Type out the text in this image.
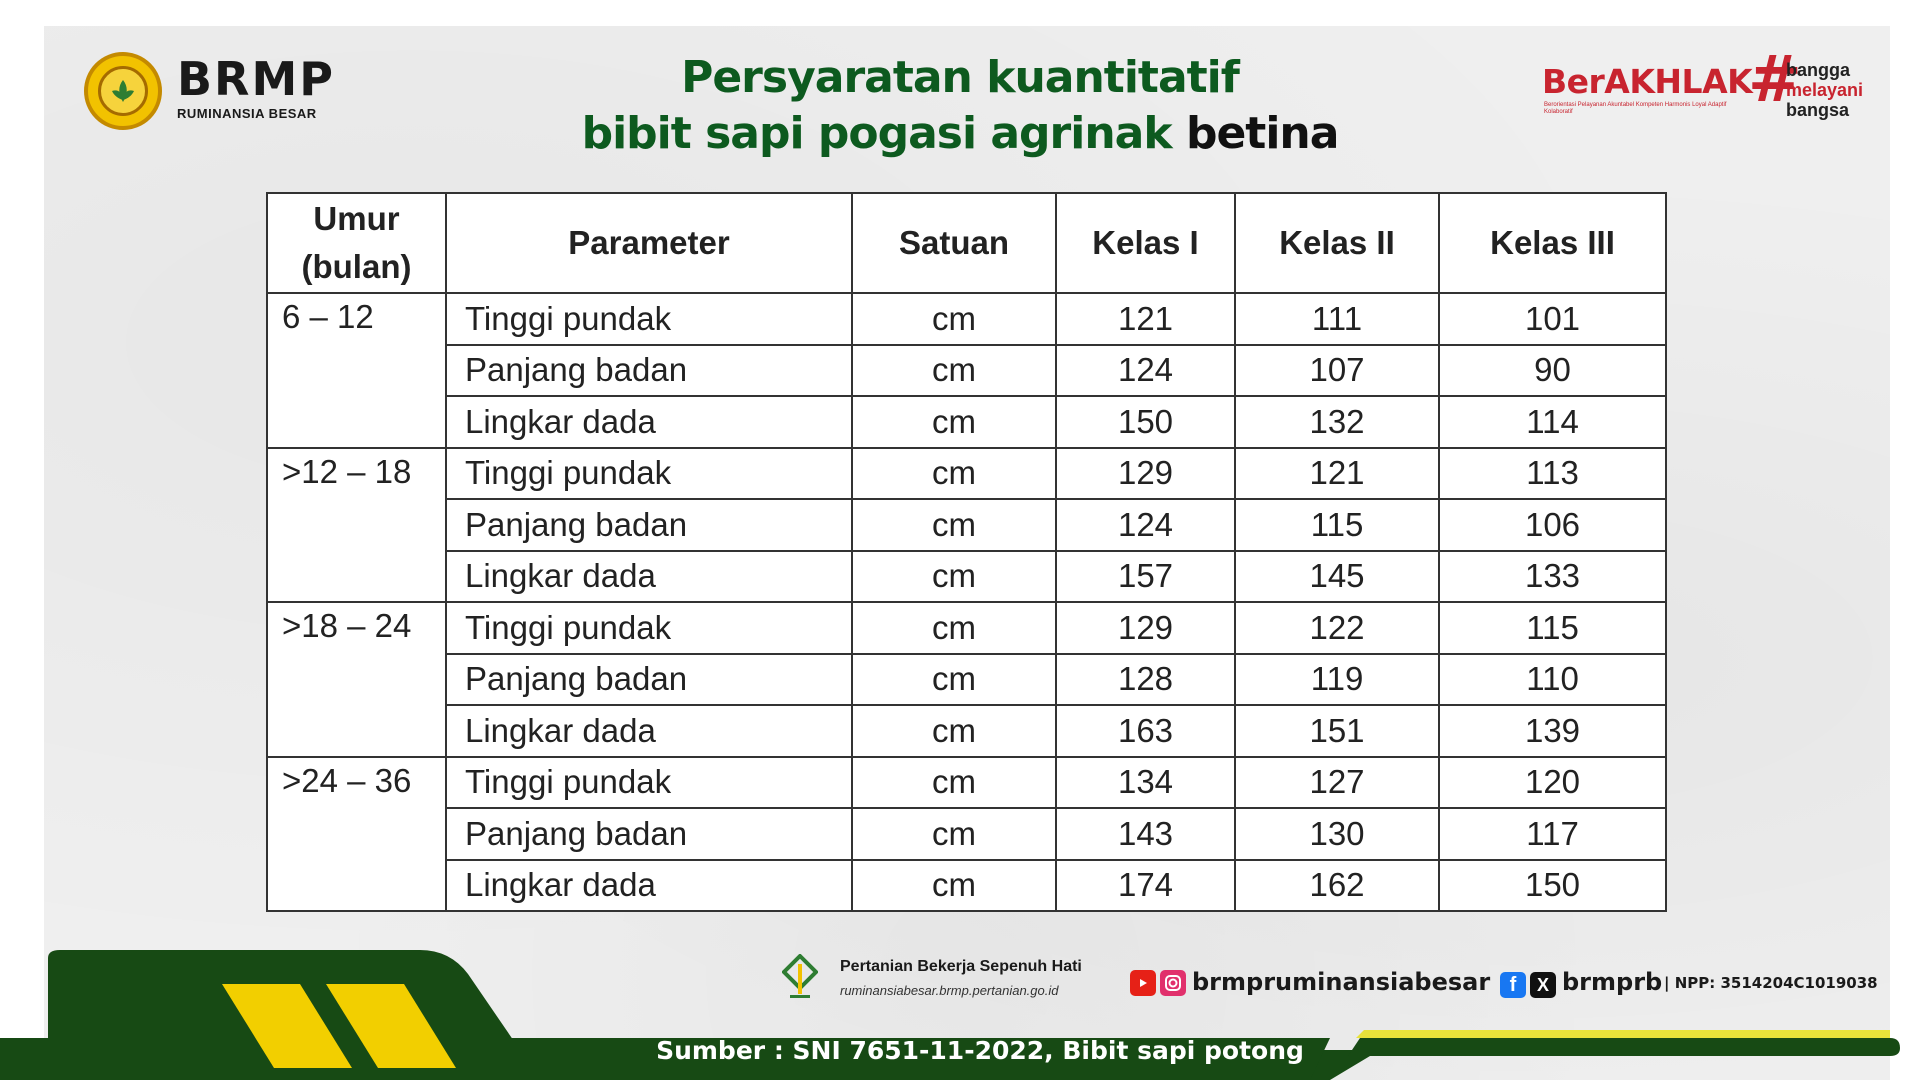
BRMP
RUMINANSIA BESAR
Persyaratan kuantitatif
bibit sapi pogasi agrinak betina
BerAKHLAK
Berorientasi Pelayanan Akuntabel Kompeten Harmonis Loyal Adaptif Kolaboratif	#
bangga
melayani
bangsa
Umur
(bulan)	Parameter	Satuan	Kelas I	Kelas II	Kelas III
6 – 12	Tinggi pundak	cm	121	111	101
	Panjang badan	cm	124	107	90
	Lingkar dada	cm	150	132	114
>12 – 18	Tinggi pundak	cm	129	121	113
	Panjang badan	cm	124	115	106
	Lingkar dada	cm	157	145	133
>18 – 24	Tinggi pundak	cm	129	122	115
	Panjang badan	cm	128	119	110
	Lingkar dada	cm	163	151	139
>24 – 36	Tinggi pundak	cm	134	127	120
	Panjang badan	cm	143	130	117
	Lingkar dada	cm	174	162	150
Pertanian Bekerja Sepenuh Hati
ruminansiabesar.brmp.pertanian.go.id	brmpruminansiabesar f	X brmprb | NPP: 3514204C1019038
Sumber : SNI 7651-11-2022, Bibit sapi potong
